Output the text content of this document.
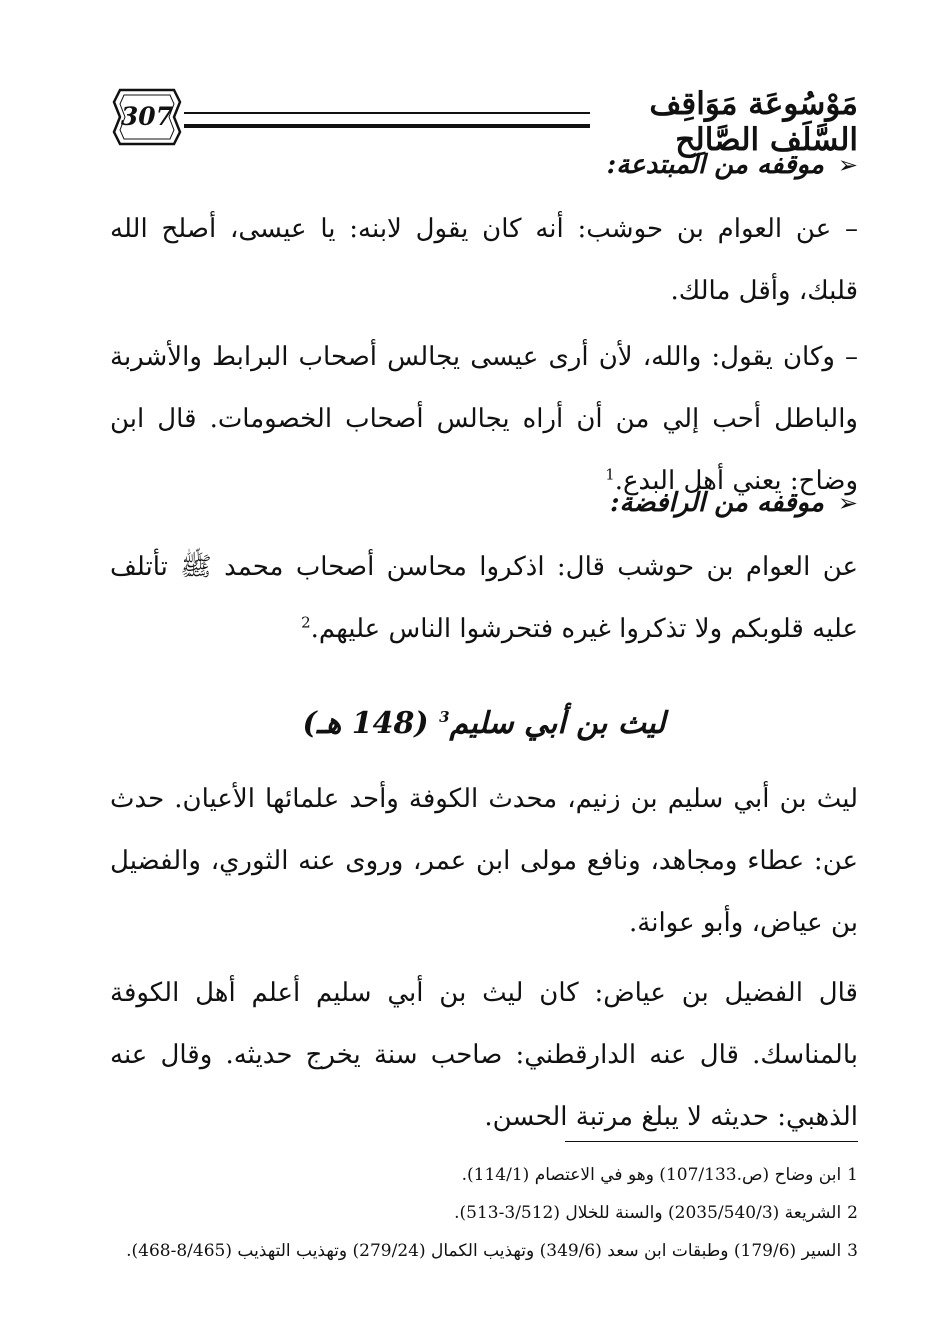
307	مَوْسُوعَة مَوَاقِف السَّلَف الصَّالِح
➢موقفه من المبتدعة:
– عن العوام بن حوشب: أنه كان يقول لابنه: يا عيسى، أصلح الله قلبك، وأقل مالك.
– وكان يقول: والله، لأن أرى عيسى يجالس أصحاب البرابط والأشربة والباطل أحب إلي من أن أراه يجالس أصحاب الخصومات. قال ابن وضاح: يعني أهل البدع.$^1$
➢موقفه من الرافضة:
عن العوام بن حوشب قال: اذكروا محاسن أصحاب محمد ﷺ تأتلف عليه قلوبكم ولا تذكروا غيره فتحرشوا الناس عليهم.$^2$
ليث بن أبي سليم$^3$ (148 هـ)
ليث بن أبي سليم بن زنيم، محدث الكوفة وأحد علمائها الأعيان. حدث عن: عطاء ومجاهد، ونافع مولى ابن عمر، وروى عنه الثوري، والفضيل بن عياض، وأبو عوانة.
قال الفضيل بن عياض: كان ليث بن أبي سليم أعلم أهل الكوفة بالمناسك. قال عنه الدارقطني: صاحب سنة يخرج حديثه. وقال عنه الذهبي: حديثه لا يبلغ مرتبة الحسن.
1ابن وضاح (ص.107/133) وهو في الاعتصام (114/1).
2الشريعة (2035/540/3) والسنة للخلال (3/512-513).
3السير (179/6) وطبقات ابن سعد (349/6) وتهذيب الكمال (279/24) وتهذيب التهذيب (8/465-468).
